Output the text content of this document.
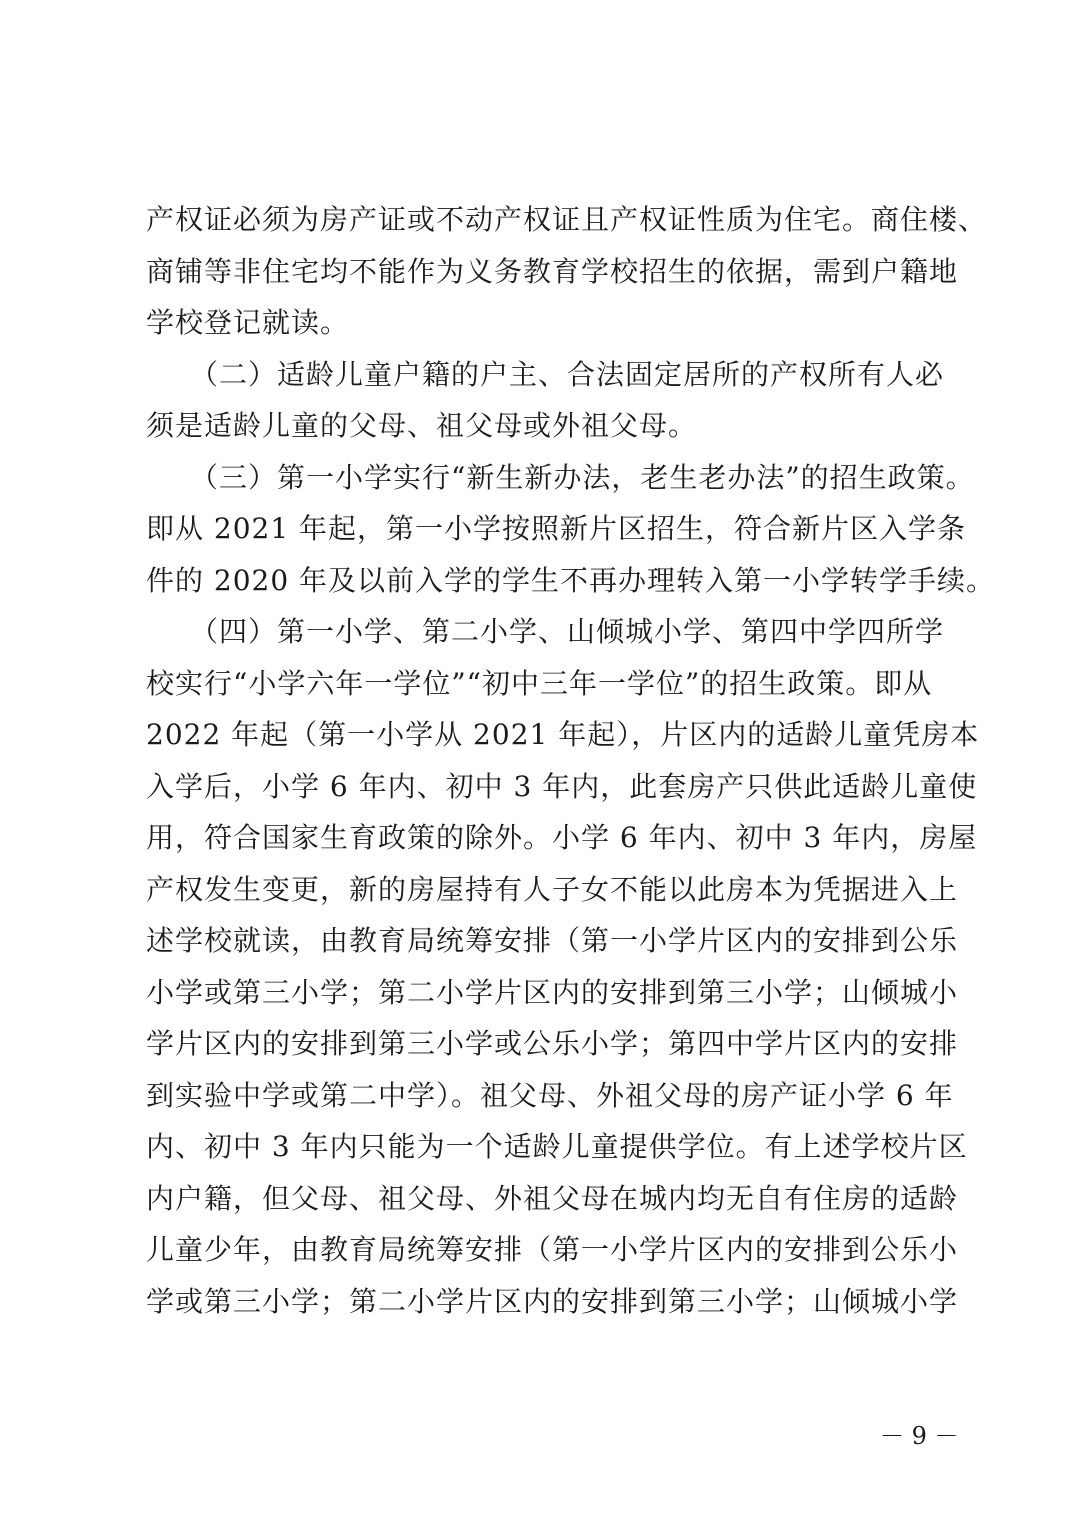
产权证必须为房产证或不动产权证且产权证性质为住宅。商住楼、
商铺等非住宅均不能作为义务教育学校招生的依据，需到户籍地
学校登记就读。
　　（二）适龄儿童户籍的户主、合法固定居所的产权所有人必
须是适龄儿童的父母、祖父母或外祖父母。
　　（三）第一小学实行“新生新办法，老生老办法”的招生政策。
即从 2021 年起，第一小学按照新片区招生，符合新片区入学条
件的 2020 年及以前入学的学生不再办理转入第一小学转学手续。
　　（四）第一小学、第二小学、山倾城小学、第四中学四所学
校实行“小学六年一学位”“初中三年一学位”的招生政策。即从
2022 年起（第一小学从 2021 年起），片区内的适龄儿童凭房本
入学后，小学 6 年内、初中 3 年内，此套房产只供此适龄儿童使
用，符合国家生育政策的除外。小学 6 年内、初中 3 年内，房屋
产权发生变更，新的房屋持有人子女不能以此房本为凭据进入上
述学校就读，由教育局统筹安排（第一小学片区内的安排到公乐
小学或第三小学；第二小学片区内的安排到第三小学；山倾城小
学片区内的安排到第三小学或公乐小学；第四中学片区内的安排
到实验中学或第二中学）。祖父母、外祖父母的房产证小学 6 年
内、初中 3 年内只能为一个适龄儿童提供学位。有上述学校片区
内户籍，但父母、祖父母、外祖父母在城内均无自有住房的适龄
儿童少年，由教育局统筹安排（第一小学片区内的安排到公乐小
学或第三小学；第二小学片区内的安排到第三小学；山倾城小学
－ 9 －
